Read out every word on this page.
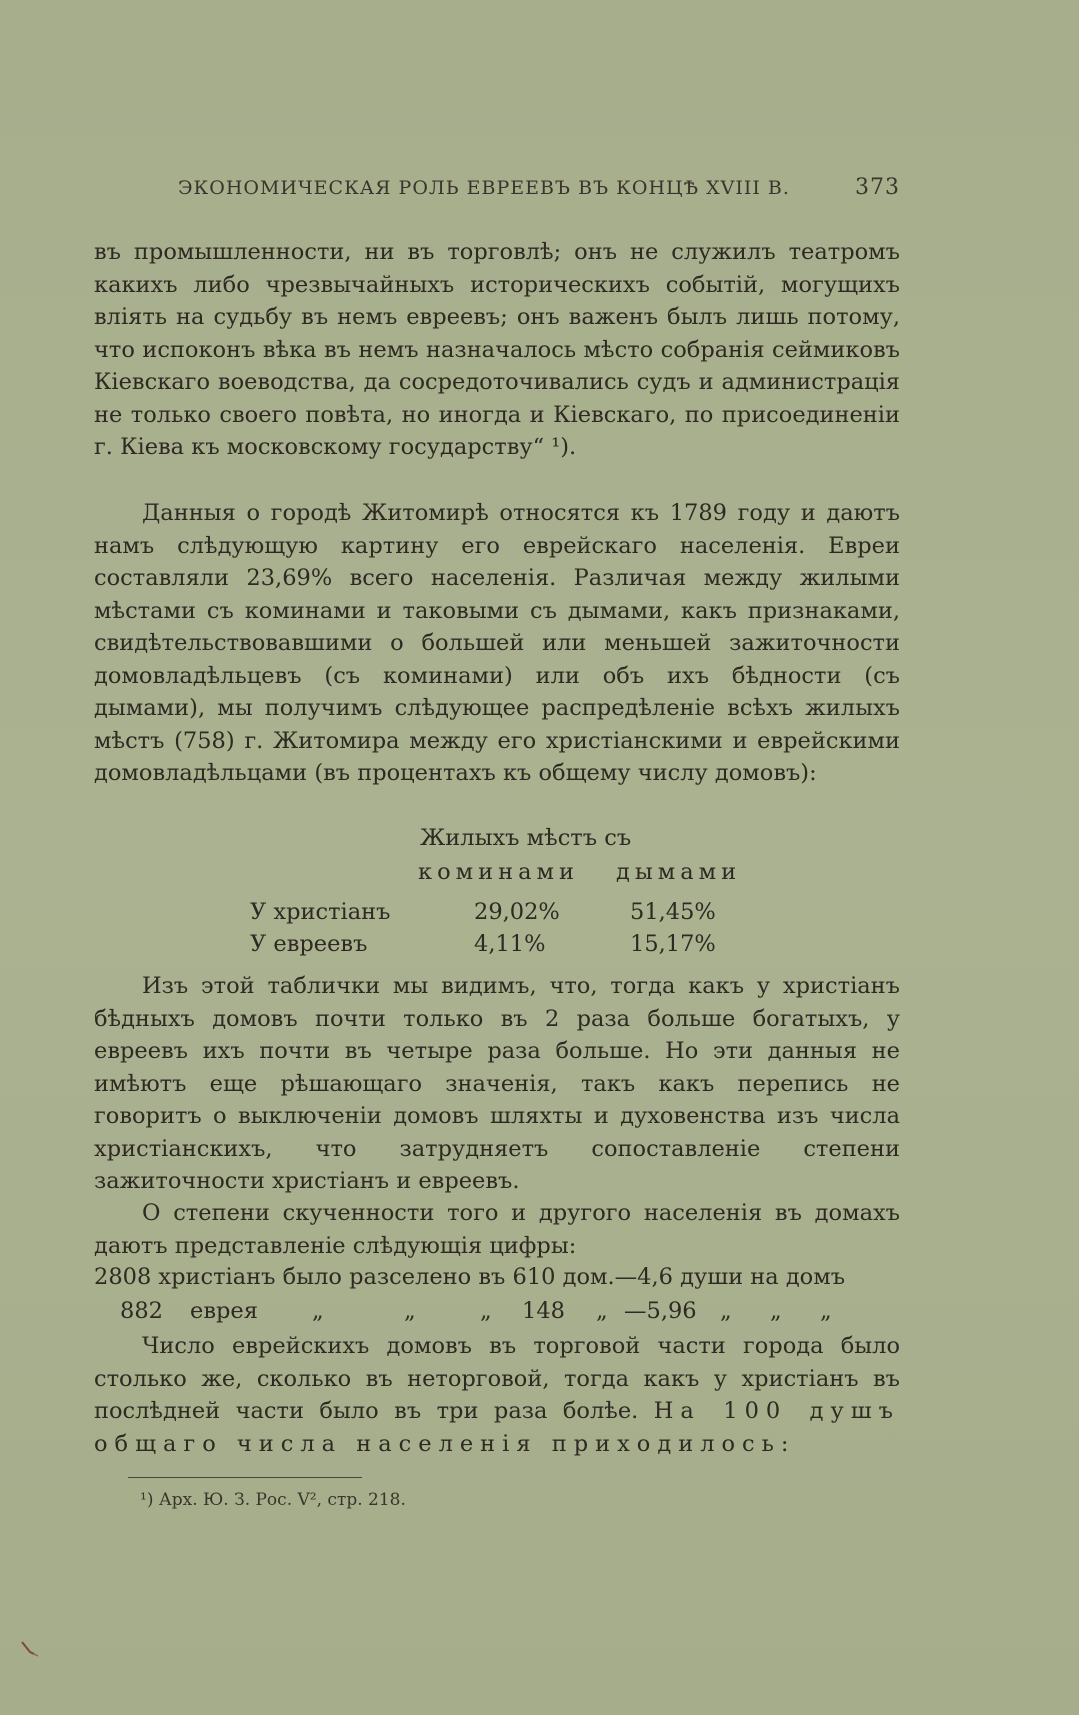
ЭКОНОМИЧЕСКАЯ РОЛЬ ЕВРЕЕВЪ ВЪ КОНЦѢ XVIII В.	373

въ промышленности, ни въ торговлѣ; онъ не служилъ театромъ какихъ либо чрезвычайныхъ историческихъ событій, могущихъ вліять на судьбу въ немъ евреевъ; онъ важенъ былъ лишь потому, что испоконъ вѣка въ немъ назначалось мѣсто собранія сеймиковъ Кіевскаго воеводства, да сосредоточивались судъ и администрація не только своего повѣта, но иногда и Кіевскаго, по присоединеніи г. Кіева къ московскому государству“ ¹).

Данныя о городѣ Житомирѣ относятся къ 1789 году и даютъ намъ слѣдующую картину его еврейскаго населенія. Евреи составляли 23,69% всего населенія. Различая между жилыми мѣстами съ коминами и таковыми съ дымами, какъ признаками, свидѣтельствовавшими о большей или меньшей зажиточности домовладѣльцевъ (съ коминами) или объ ихъ бѣдности (съ дымами), мы получимъ слѣдующее распредѣленіе всѣхъ жилыхъ мѣстъ (758) г. Житомира между его христіанскими и еврейскими домовладѣльцами (въ процентахъ къ общему числу домовъ):

Жилыхъ мѣстъ съ
коминами дымами
У христіанъ	29,02%	51,45%
У евреевъ	4,11%	15,17%

Изъ этой таблички мы видимъ, что, тогда какъ у христіанъ бѣдныхъ домовъ почти только въ 2 раза больше богатыхъ, у евреевъ ихъ почти въ четыре раза больше. Но эти данныя не имѣютъ еще рѣшающаго значенія, такъ какъ перепись не говоритъ о выключеніи домовъ шляхты и духовенства изъ числа христіанскихъ, что затрудняетъ сопоставленіе степени зажиточности христіанъ и евреевъ.

О степени скученности того и другого населенія въ домахъ даютъ представленіе слѣдующія цифры:

2808 христіанъ было разселено въ 610 дом.—4,6 души на домъ
882 еврея „	„	„ 148 „ —5,96 „ „ „

Число еврейскихъ домовъ въ торговой части города было столько же, сколько въ неторговой, тогда какъ у христіанъ въ послѣдней части было въ три раза болѣе. На 100 душъ общаго числа населенія приходилось:

¹) Арх. Ю. З. Рос. V², стр. 218.
